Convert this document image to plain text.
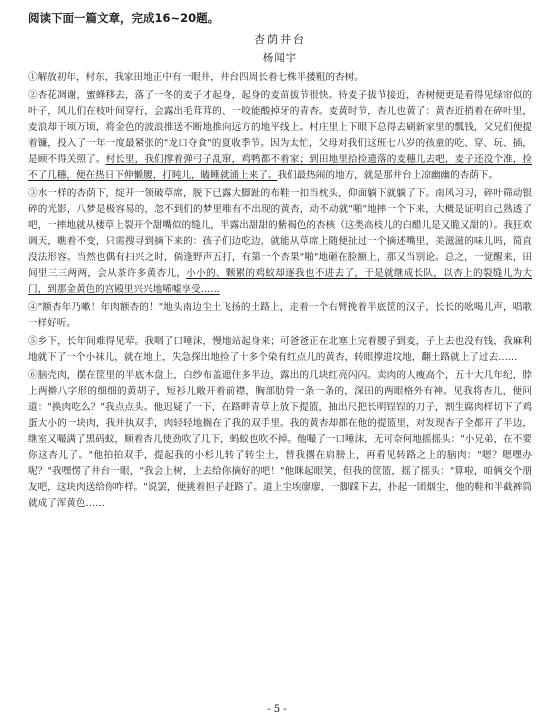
阅读下面一篇文章，完成16~20题。
杏荫井台
杨闻宇
①解放初年，村东，我家田地正中有一眼井，井台四周长着七株半搂粗的杏树。
②杏花凋谢，蜜蜂移去，落了一冬的麦子才起身，起身的麦苗拔节很快。待麦子拔节接近，杏树便更是看得见绿帘似的叶子，风儿们在枝叶间穿行，会露出毛茸茸的、一咬能酸掉牙的青杏。麦黄时节，杏儿也黄了：黄杏近捎着在碎叶里，麦浪却干顷万顷，将金色的波浪推送不断地推向远方的地平线上。村庄里上下眼下总得去刷新家里的瓢钱，父兄们便提着镰，投入了一年一度最紧张的"龙口夺食"的夏收季节。因为太忙，父母对我们这班七八岁的孩童的吃、穿、玩、插，是顾不得关照了。村长里，我们撑着弹弓子乱窜，鸡鸭都不着家；到田地里拾捡遗落的麦穗儿去吧，麦子还没个准，捡不了几穗，便在热日下伸懒腰，打盹儿，瞌睡就涌上来了。我们最热闹的地方，就是那井台上凉幽幽的杏荫下。
③水一样的杏荫下，绽开一领破草席，脱下已露大脚趾的布鞋一扣当枕头，仰面躺下就躺了下。南风习习，碎叶筛动银碎的光影，八梦是极容易的，忽不到们的梦里唯有不出现的黄杏，动不动就"啪"地摔一个下来，大概是证明自己熟透了吧，一摔地就从楼草上裂开个甜嘴似的缝儿，半露出甜甜的紫褐色的杏核（这类高枝儿的白醋儿是又脆又甜的）。我狂欢调天，瞧着不变，只需搜寻到摘下来的：孩子们边吃边，就能从草席上随便扯过一个摘述嘴里，美滋滋的味儿吗，简直没法形容。当然也偶有扫兴之时，倘逢野声五打，有第一个杏果"啪"地砸在脸额上，那又当别论。总之，一觉醒来，田间里三三两两，会从茶许多黄杏儿，小小的、颗累的鸡蚁却逐我也不进去了，于是就继成长队，以杏上的裂缝儿为大门，到那金黄色的宫殿里兴兴地唏嘘享受……
④"额杏年乃嗽！年肉额杏的！"地头南边尘土飞扬的土路上，走着一个右臂挽着半底筐的汉子，长长的吆喝儿声，唱歌一样好听。
⑤乡下，长年间难得见荤。我咽了口唾沫，慢地站起身来；可爸爸正在北塞上完着腰子到麦，子上去也没有钱，我麻利地就下了一个小袜儿，就在地上，失急探出地捡了十多个染有红点儿的黄杏，转眼撑进坟地，翻土路就上了过去……
⑥脑壳肉，摆在筐里的半底木盘上，白纱布盖遮住多半边，露出的几块红亮闪闪。卖肉的人瘦高个，五十大几年纪，脖上两擀八字形的细细的黄胡子，短衫儿敞开着前襟，胸部肋骨一条一条的，深田的两眼格外有神。见我将杏儿，便问道："换肉吃么？"我点点头。他迟疑了一下，在路畔青草上放下提篮，抽出尺把长明锃锃的刀子，割生腐肉样切下了鸡蛋大小的一块肉，我并执双手，肉轻轻地搁在了我的双手里。我的黄杏却都在他的提篮里，对发现杏子全都开了半边，继室又嘬满了黑码蚁，顺着杏儿使劲吹了几下，蚂蚁也吹不掉。他嘬了一口唾沫，无可奈何地摇摇头："小兄弟，在不要你这杏儿了。"他拍拍双手，提起我的小杉儿转了转尘土，替我撂在肩膀上，再看见转路之上的脑肉："嗯？嗯嘿办呢？"我嘿愣了井台一眼，"我会上树，上去给你摘好的吧！"他眯起眼笑，但我的筐篮，摇了摇头："算啦，咱俩交个朋友吧，这块肉送给你咋样。"说罢，便挑着担子赶路了。道上尘埃廖廖，一脚踩下去，扑起一团烟尘，他的鞋和半截裤筒就成了浑黄色……
- 5 -
